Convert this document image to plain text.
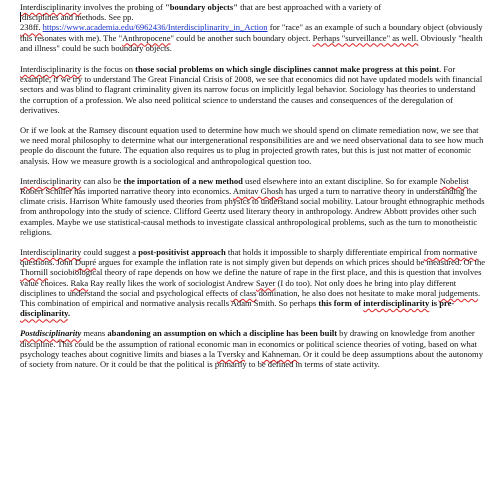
Interdisciplinarity involves the probing of "boundary objects" that are best approached with a variety of
disciplines and methods. See pp.
238ff. https://www.academia.edu/6962436/Interdisciplinarity_in_Action for "race" as an example of such a boundary object (obviously this resonates with me). The "Anthropocene" could be another such boundary object. Perhaps "surveillance" as well. Obviously "health and illness" could be such boundary objects.

Interdisciplinarity is the focus on those social problems on which single disciplines cannot make progress at this point. For example, if we try to understand The Great Financial Crisis of 2008, we see that economics did not have updated models with financial sectors and was blind to flagrant criminality given its narrow focus on implicitly legal behavior. Sociology has theories to understand the corruption of a profession. We also need political science to understand the causes and consequences of the deregulation of derivatives.

Or if we look at the Ramsey discount equation used to determine how much we should spend on climate remediation now, we see that we need moral philosophy to determine what our intergenerational responsibilities are and we need observational data to see how much people do discount the future. The equation also requires us to plug in projected growth rates, but this is just not matter of economic analysis. How we measure growth is a sociological and anthropological question too.

Interdisciplinarity can also be the importation of a new method used elsewhere into an extant discipline. So for example Nobelist Robert Schiller has imported narrative theory into economics. Amitav Ghosh has urged a turn to narrative theory in understanding the climate crisis. Harrison White famously used theories from physics to understand social mobility. Latour brought ethnographic methods from anthropology into the study of science. Clifford Geertz used literary theory in anthropology. Andrew Abbott provides other such examples. Maybe we use statistical-causal methods to investigate classical anthropological problems, such as the turn to monotheistic religions.

Interdisciplinarity could suggest a post-positivist approach that holds it impossible to sharply differentiate empirical from normative questions. John Dupré argues for example the inflation rate is not simply given but depends on which prices should be measured. Or the Thornill sociobiological theory of rape depends on how we define the nature of rape in the first place, and this is question that involves value choices. Raka Ray really likes the work of sociologist Andrew Sayer (I do too). Not only does he bring into play different disciplines to understand the social and psychological effects of class domination, he also does not hesitate to make moral judgements. This combination of empirical and normative analysis recalls Adam Smith. So perhaps this form of interdisciplinarity is pre-disciplinarity.

Postdisciplinarity means abandoning an assumption on which a discipline has been built by drawing on knowledge from another discipline. This could be the assumption of rational economic man in economics or political science theories of voting, based on what psychology teaches about cognitive limits and biases a la Tversky and Kahneman. Or it could be deep assumptions about the autonomy of society from nature. Or it could be that the political is primarily to be defined in terms of state activity.
